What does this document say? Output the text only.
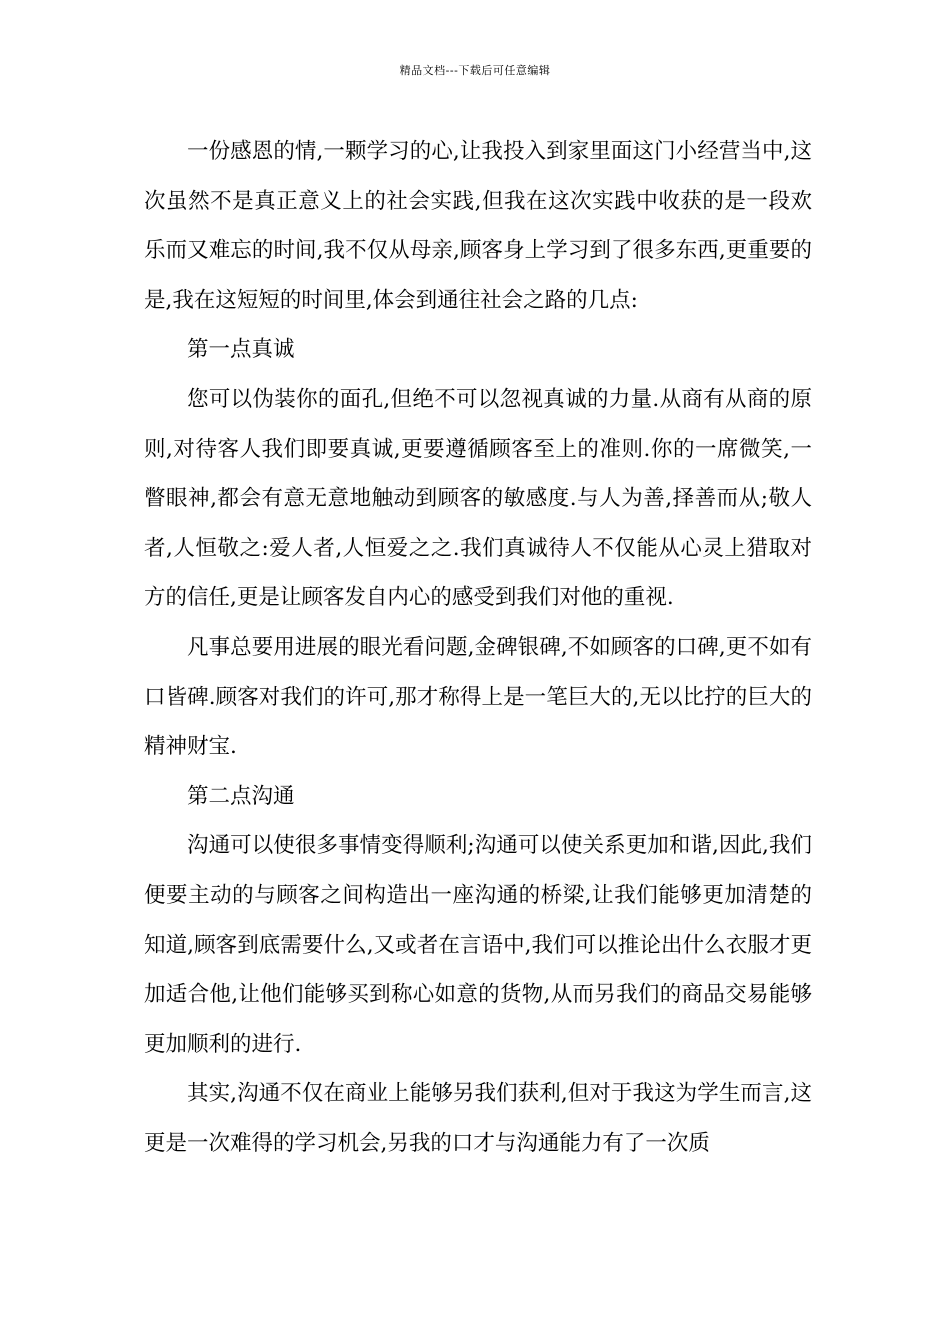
精品文档---下载后可任意编辑

一份感恩的情,一颗学习的心,让我投入到家里面这门小经营当中,这次虽然不是真正意义上的社会实践,但我在这次实践中收获的是一段欢乐而又难忘的时间,我不仅从母亲,顾客身上学习到了很多东西,更重要的是,我在这短短的时间里,体会到通往社会之路的几点:

第一点真诚

您可以伪装你的面孔,但绝不可以忽视真诚的力量.从商有从商的原则,对待客人我们即要真诚,更要遵循顾客至上的准则.你的一席微笑,一瞥眼神,都会有意无意地触动到顾客的敏感度.与人为善,择善而从;敬人者,人恒敬之:爱人者,人恒爱之之.我们真诚待人不仅能从心灵上猎取对方的信任,更是让顾客发自内心的感受到我们对他的重视.

凡事总要用进展的眼光看问题,金碑银碑,不如顾客的口碑,更不如有口皆碑.顾客对我们的许可,那才称得上是一笔巨大的,无以比拧的巨大的精神财宝.

第二点沟通

沟通可以使很多事情变得顺利;沟通可以使关系更加和谐,因此,我们便要主动的与顾客之间构造出一座沟通的桥梁,让我们能够更加清楚的知道,顾客到底需要什么,又或者在言语中,我们可以推论出什么衣服才更加适合他,让他们能够买到称心如意的货物,从而另我们的商品交易能够更加顺利的进行.

其实,沟通不仅在商业上能够另我们获利,但对于我这为学生而言,这更是一次难得的学习机会,另我的口才与沟通能力有了一次质
